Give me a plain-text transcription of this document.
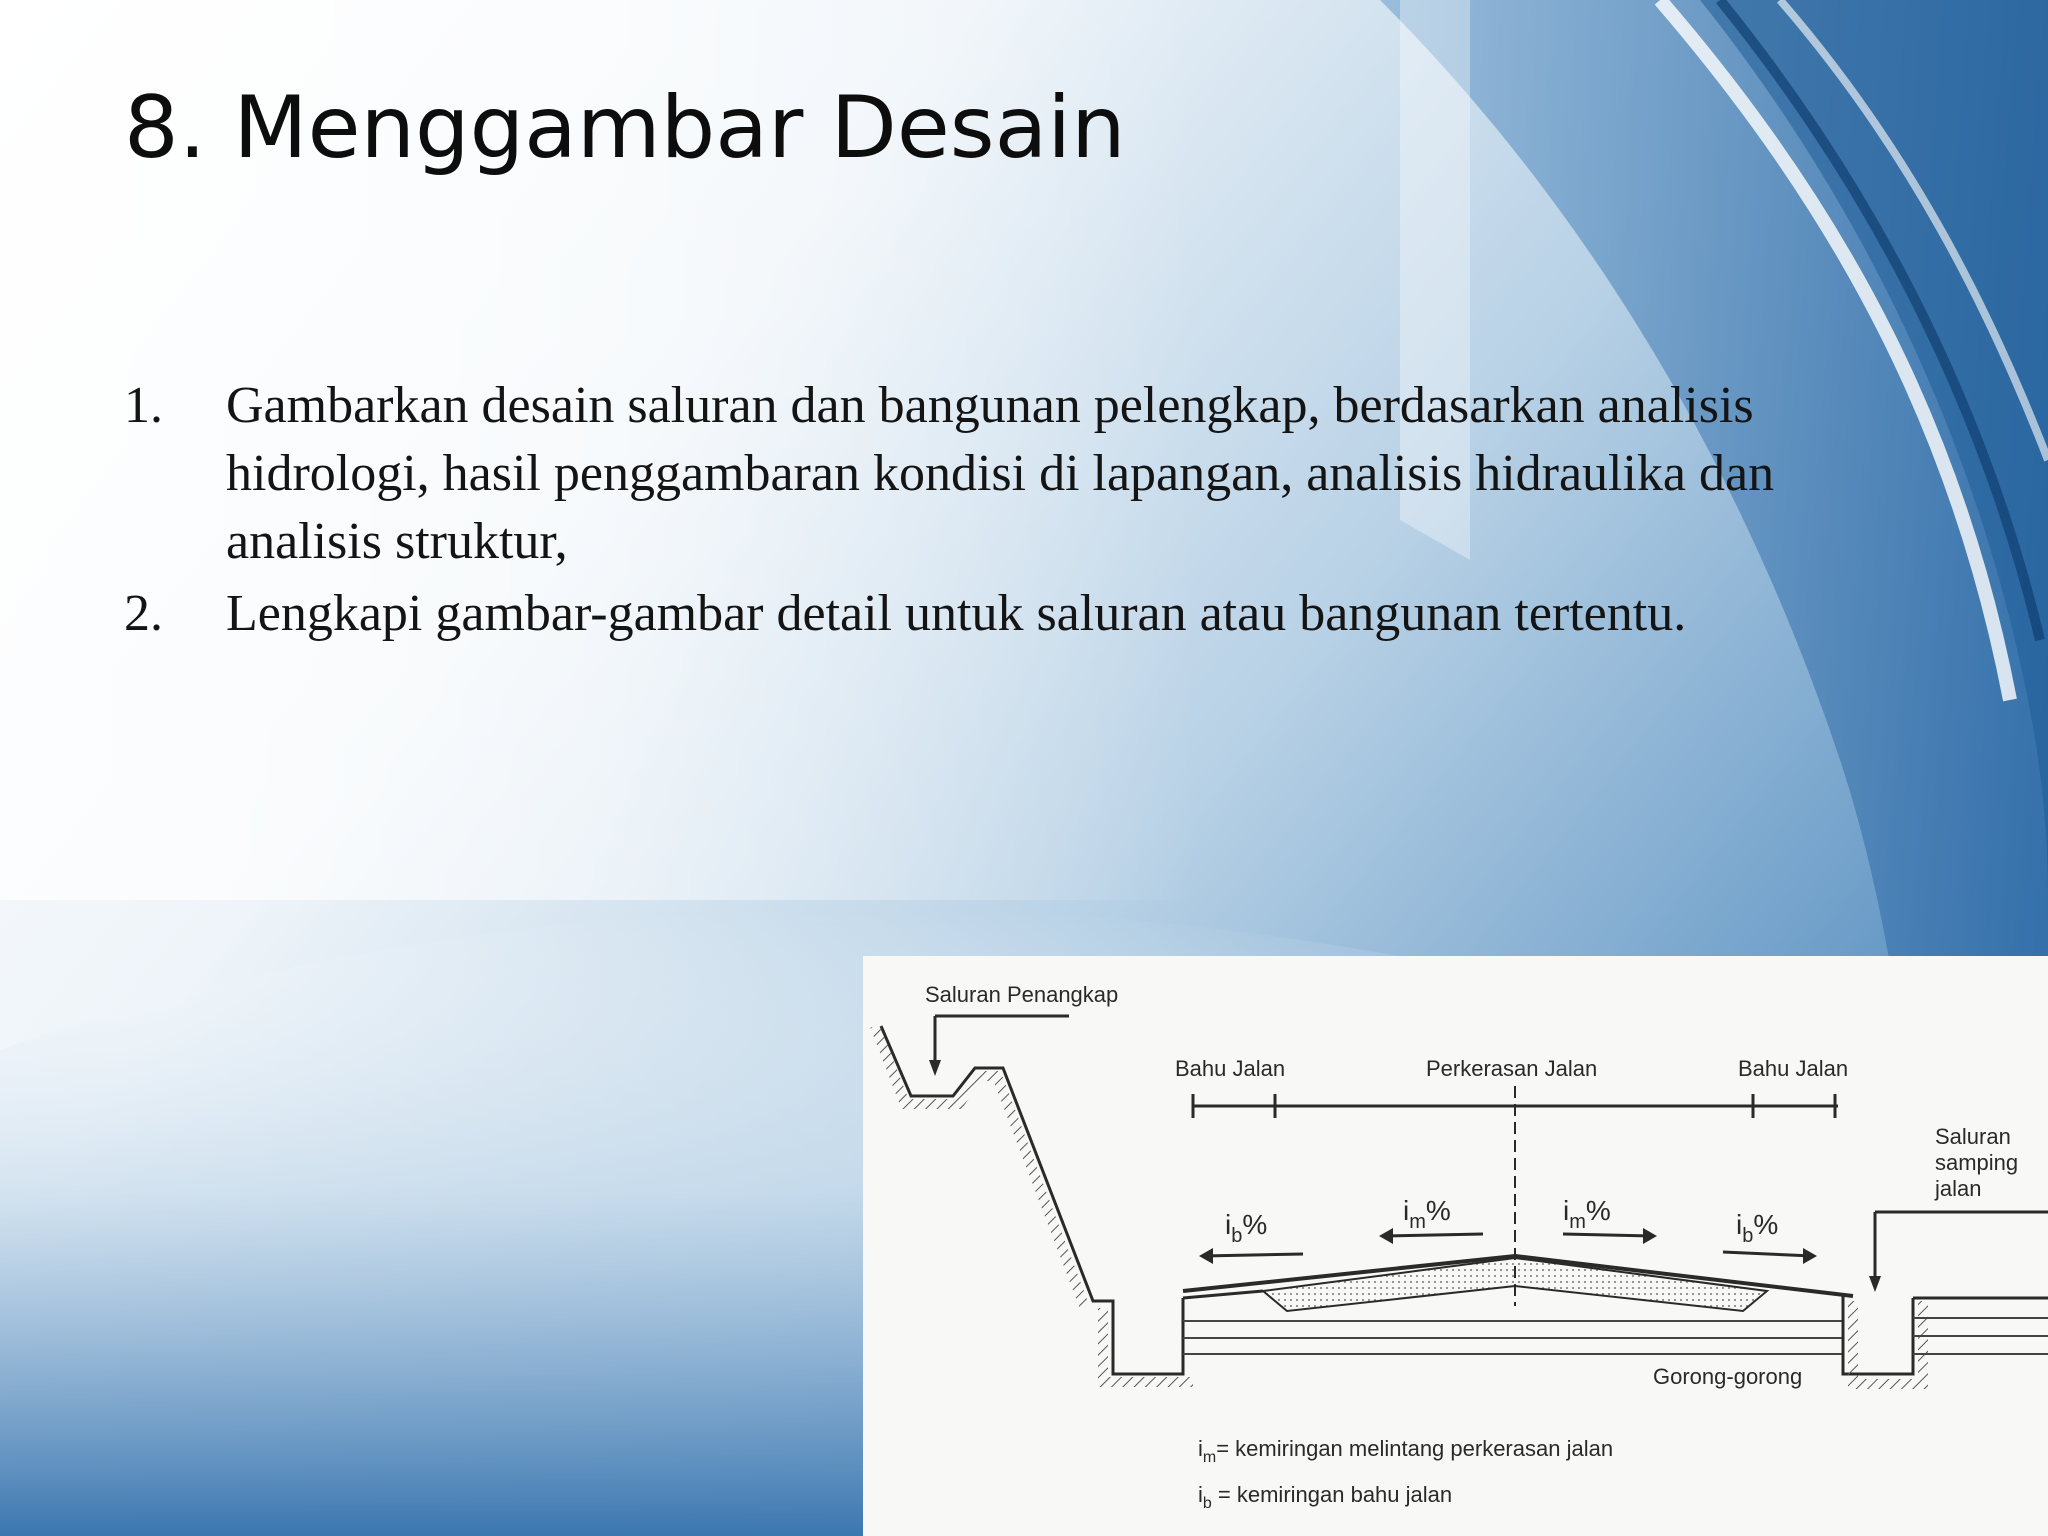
8. Menggambar Desain
1. Gambarkan desain saluran dan bangunan pelengkap, berdasarkan analisis hidrologi, hasil penggambaran kondisi di lapangan, analisis hidraulika dan analisis struktur,
2. Lengkapi gambar-gambar detail untuk saluran atau bangunan tertentu.
Saluran Penangkap
Bahu Jalan	Perkerasan Jalan	Bahu Jalan
Saluran
samping
jalan
$i_b\%$	$i_m\%$	$i_m\%$	$i_b\%$
Gorong-gorong
$i_m=$ kemiringan melintang perkerasan jalan
$i_b$ = kemiringan bahu jalan
